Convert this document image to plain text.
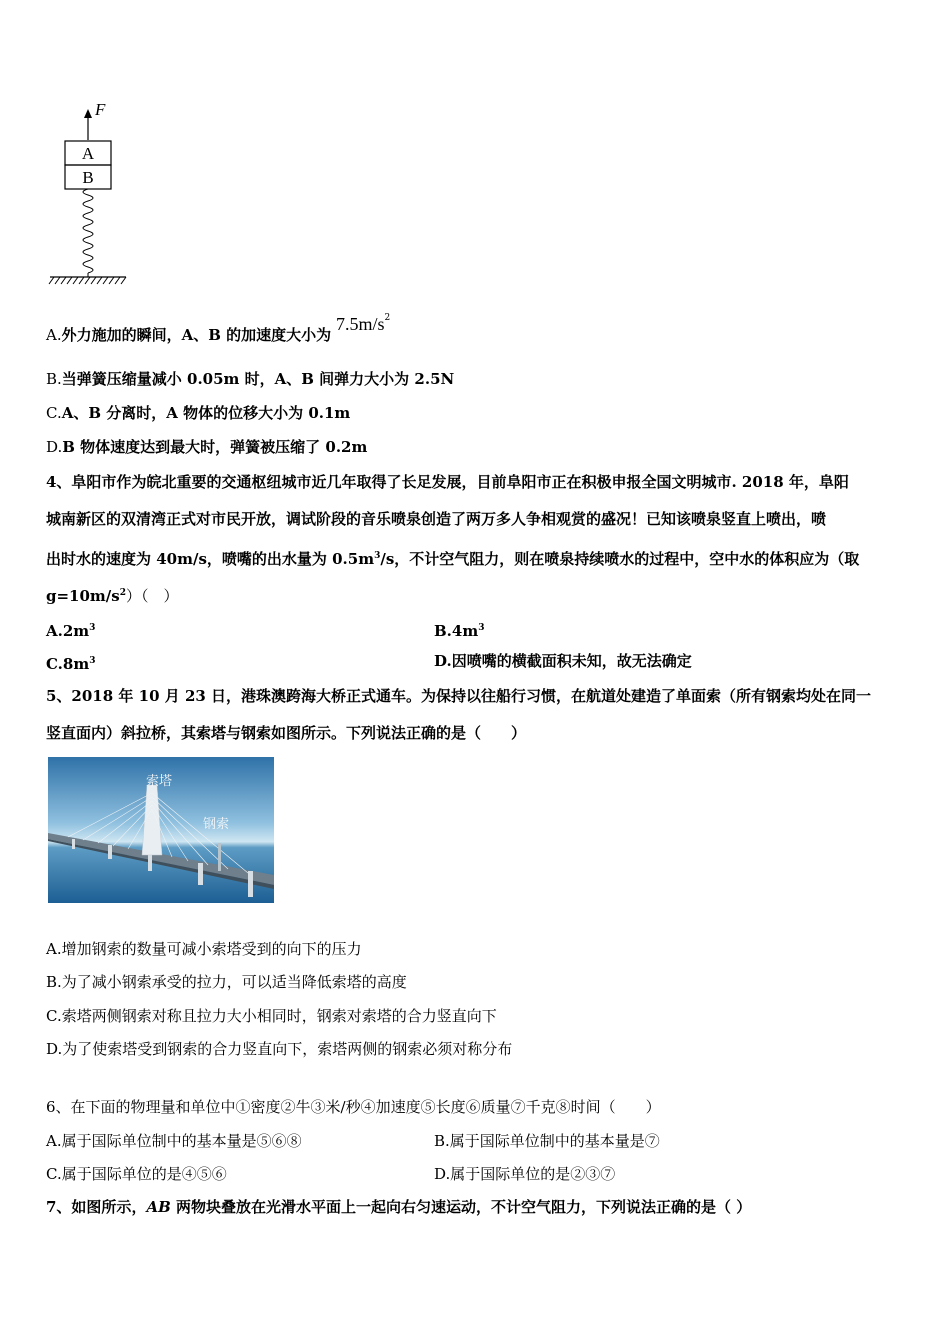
F
A
B
A.外力施加的瞬间，A、B 的加速度大小为 $7.5m/s^2$
B.当弹簧压缩量减小 0.05m 时，A、B 间弹力大小为 2.5N
C.A、B 分离时，A 物体的位移大小为 0.1m
D.B 物体速度达到最大时，弹簧被压缩了 0.2m
4、阜阳市作为皖北重要的交通枢纽城市近几年取得了长足发展，目前阜阳市正在积极申报全国文明城市. 2018 年，阜阳
城南新区的双清湾正式对市民开放，调试阶段的音乐喷泉创造了两万多人争相观赏的盛况！已知该喷泉竖直上喷出，喷
出时水的速度为 40m/s，喷嘴的出水量为 $0.5m^3/s$，不计空气阻力，则在喷泉持续喷水的过程中，空中水的体积应为（取
$g=10m/s^2$）（　）
$A.2m^3$	$B.4m^3$
$C.8m^3$	D.因喷嘴的横截面积未知，故无法确定
5、2018 年 10 月 23 日，港珠澳跨海大桥正式通车。为保持以往船行习惯，在航道处建造了单面索（所有钢索均处在同一
竖直面内）斜拉桥，其索塔与钢索如图所示。下列说法正确的是（　　）
索塔
钢索
A.增加钢索的数量可减小索塔受到的向下的压力
B.为了减小钢索承受的拉力，可以适当降低索塔的高度
C.索塔两侧钢索对称且拉力大小相同时，钢索对索塔的合力竖直向下
D.为了使索塔受到钢索的合力竖直向下，索塔两侧的钢索必须对称分布
6、在下面的物理量和单位中①密度②牛③米/秒④加速度⑤长度⑥质量⑦千克⑧时间（　　）
A.属于国际单位制中的基本量是⑤⑥⑧	B.属于国际单位制中的基本量是⑦
C.属于国际单位的是④⑤⑥	D.属于国际单位的是②③⑦
7、如图所示，AB 两物块叠放在光滑水平面上一起向右匀速运动，不计空气阻力，下列说法正确的是（ ）
